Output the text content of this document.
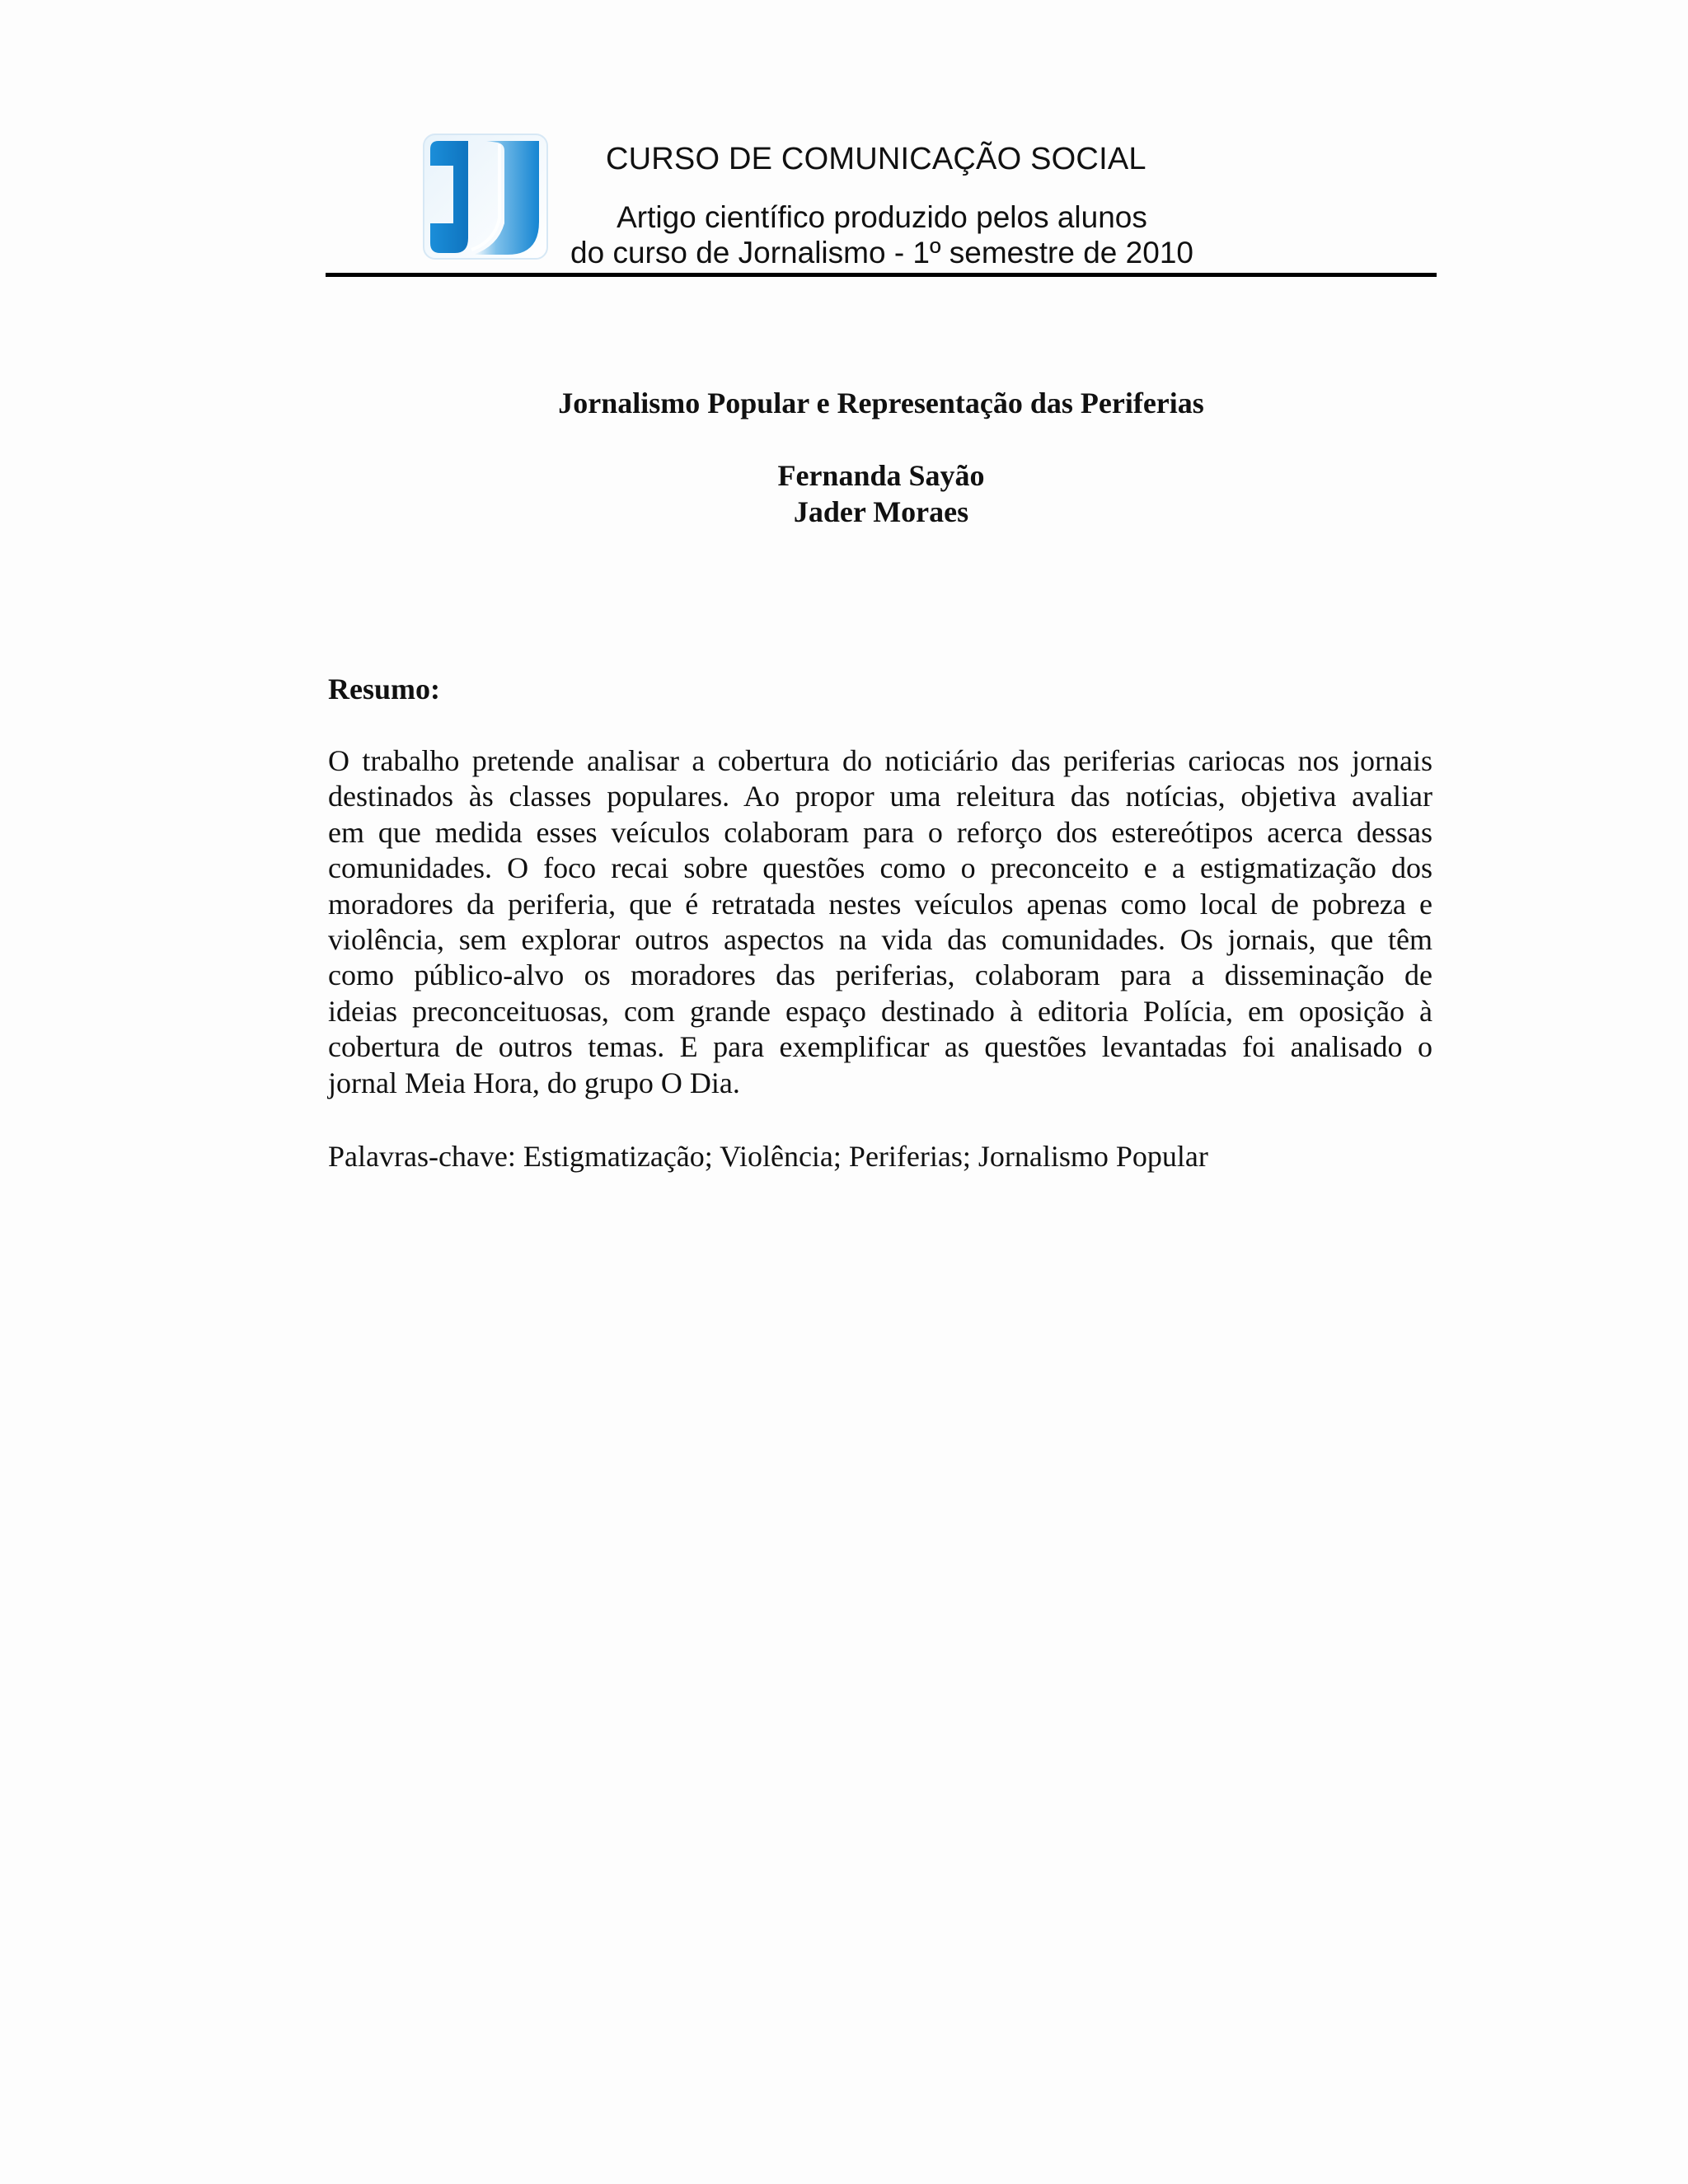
CURSO DE COMUNICAÇÃO SOCIAL
Artigo científico produzido pelos alunos
do curso de Jornalismo - 1º semestre de 2010
Jornalismo Popular e Representação das Periferias
Fernanda Sayão
Jader Moraes
Resumo:
O trabalho pretende analisar a cobertura do noticiário das periferias cariocas nos jornais
destinados às classes populares. Ao propor uma releitura das notícias, objetiva avaliar
em que medida esses veículos colaboram para o reforço dos estereótipos acerca dessas
comunidades. O foco recai sobre questões como o preconceito e a estigmatização dos
moradores da periferia, que é retratada nestes veículos apenas como local de pobreza e
violência, sem explorar outros aspectos na vida das comunidades. Os jornais, que têm
como público-alvo os moradores das periferias, colaboram para a disseminação de
ideias preconceituosas, com grande espaço destinado à editoria Polícia, em oposição à
cobertura de outros temas. E para exemplificar as questões levantadas foi analisado o
jornal Meia Hora, do grupo O Dia.
Palavras-chave: Estigmatização; Violência; Periferias; Jornalismo Popular
